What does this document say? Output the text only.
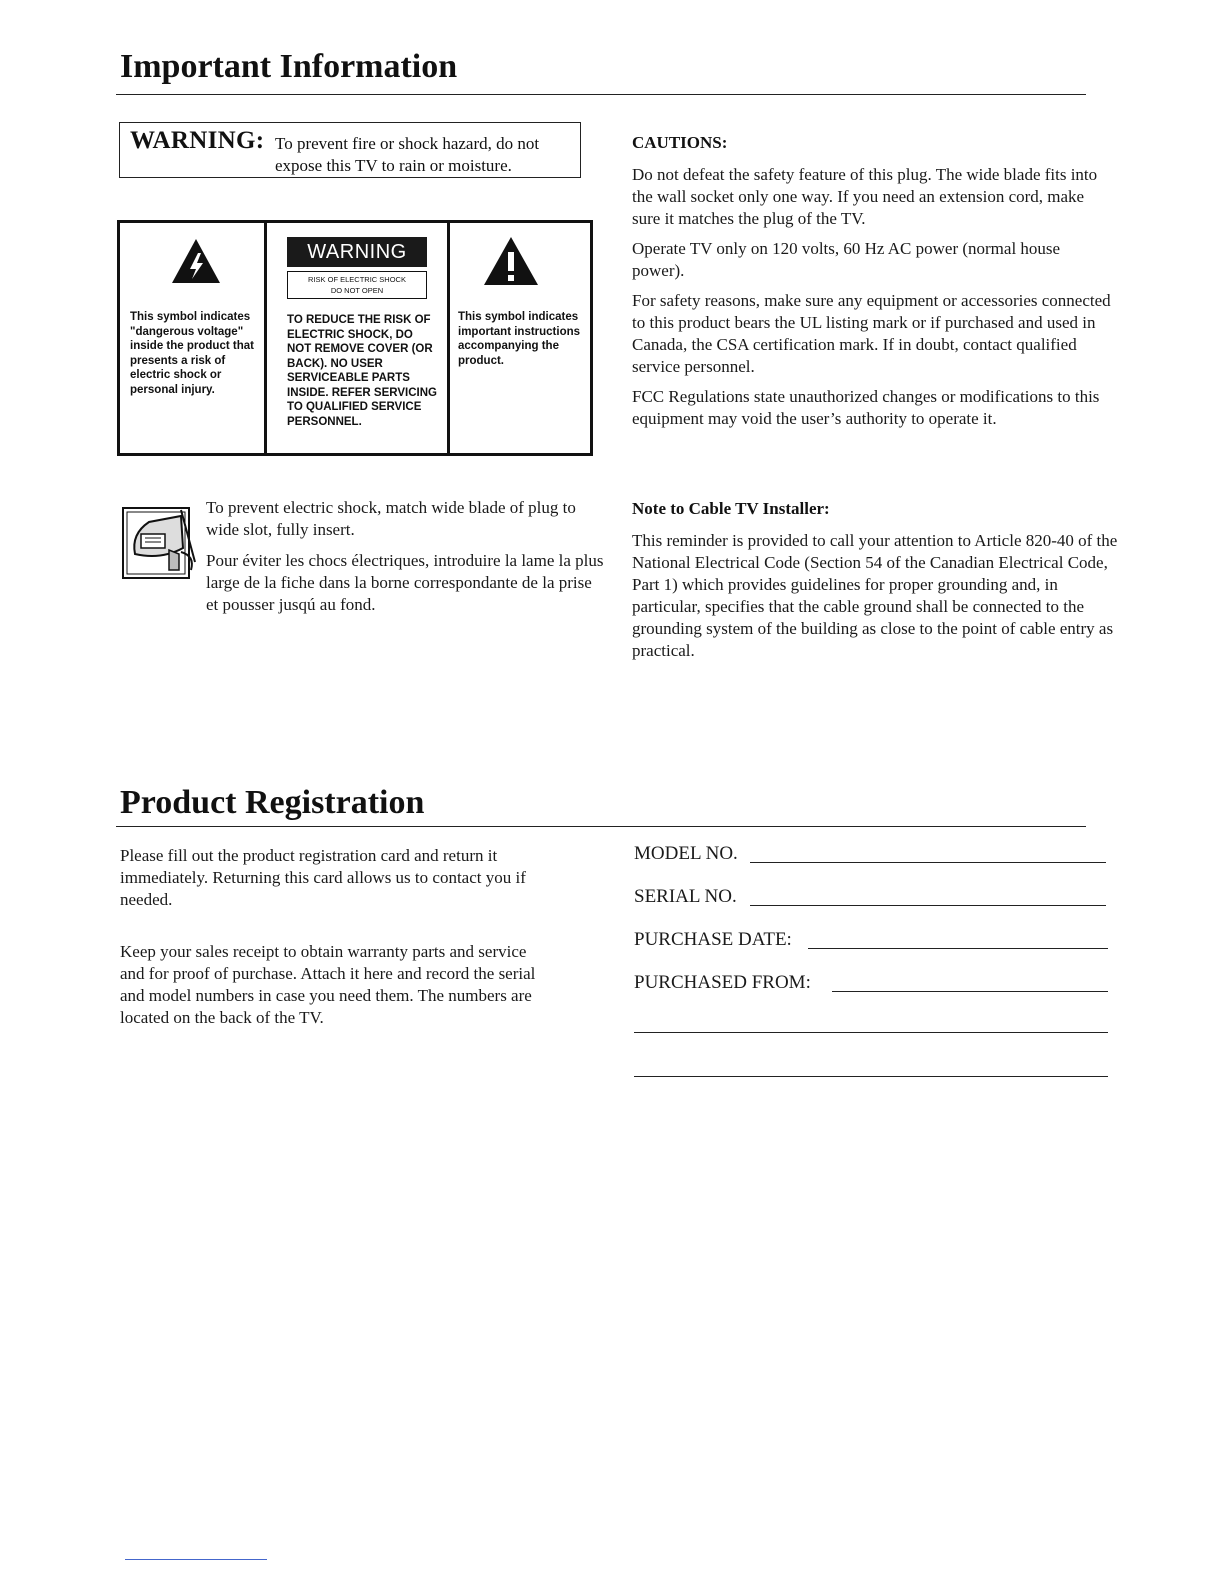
Important Information
WARNING: To prevent fire or shock hazard, do not expose this TV to rain or moisture.
This symbol indicates "dangerous voltage" inside the product that presents a risk of electric shock or personal injury.
WARNING
RISK OF ELECTRIC SHOCK
DO NOT OPEN
TO REDUCE THE RISK OF ELECTRIC SHOCK, DO NOT REMOVE COVER (OR BACK). NO USER SERVICEABLE PARTS INSIDE. REFER SERVICING TO QUALIFIED SERVICE PERSONNEL.
This symbol indicates important instructions accompanying the product.
To prevent electric shock, match wide blade of plug to wide slot, fully insert.
Pour éviter les chocs électriques, introduire la lame la plus large de la fiche dans la borne correspondante de la prise et pousser jusqú au fond.
CAUTIONS:

Do not defeat the safety feature of this plug. The wide blade fits into the wall socket only one way. If you need an extension cord, make sure it matches the plug of the TV.

Operate TV only on 120 volts, 60 Hz AC power (normal house power).

For safety reasons, make sure any equipment or accessories connected to this product bears the UL listing mark or if purchased and used in Canada, the CSA certification mark. If in doubt, contact qualified service personnel.

FCC Regulations state unauthorized changes or modifications to this equipment may void the user’s authority to operate it.

Note to Cable TV Installer:
This reminder is provided to call your attention to Article 820-40 of the National Electrical Code (Section 54 of the Canadian Electrical Code, Part 1) which provides guidelines for proper grounding and, in particular, specifies that the cable ground shall be connected to the grounding system of the building as close to the point of cable entry as practical.
Product Registration
Please fill out the product registration card and return it immediately. Returning this card allows us to contact you if needed.
Keep your sales receipt to obtain warranty parts and service and for proof of purchase. Attach it here and record the serial and model numbers in case you need them. The numbers are located on the back of the TV.
MODEL NO.
SERIAL NO.
PURCHASE DATE:
PURCHASED FROM:
